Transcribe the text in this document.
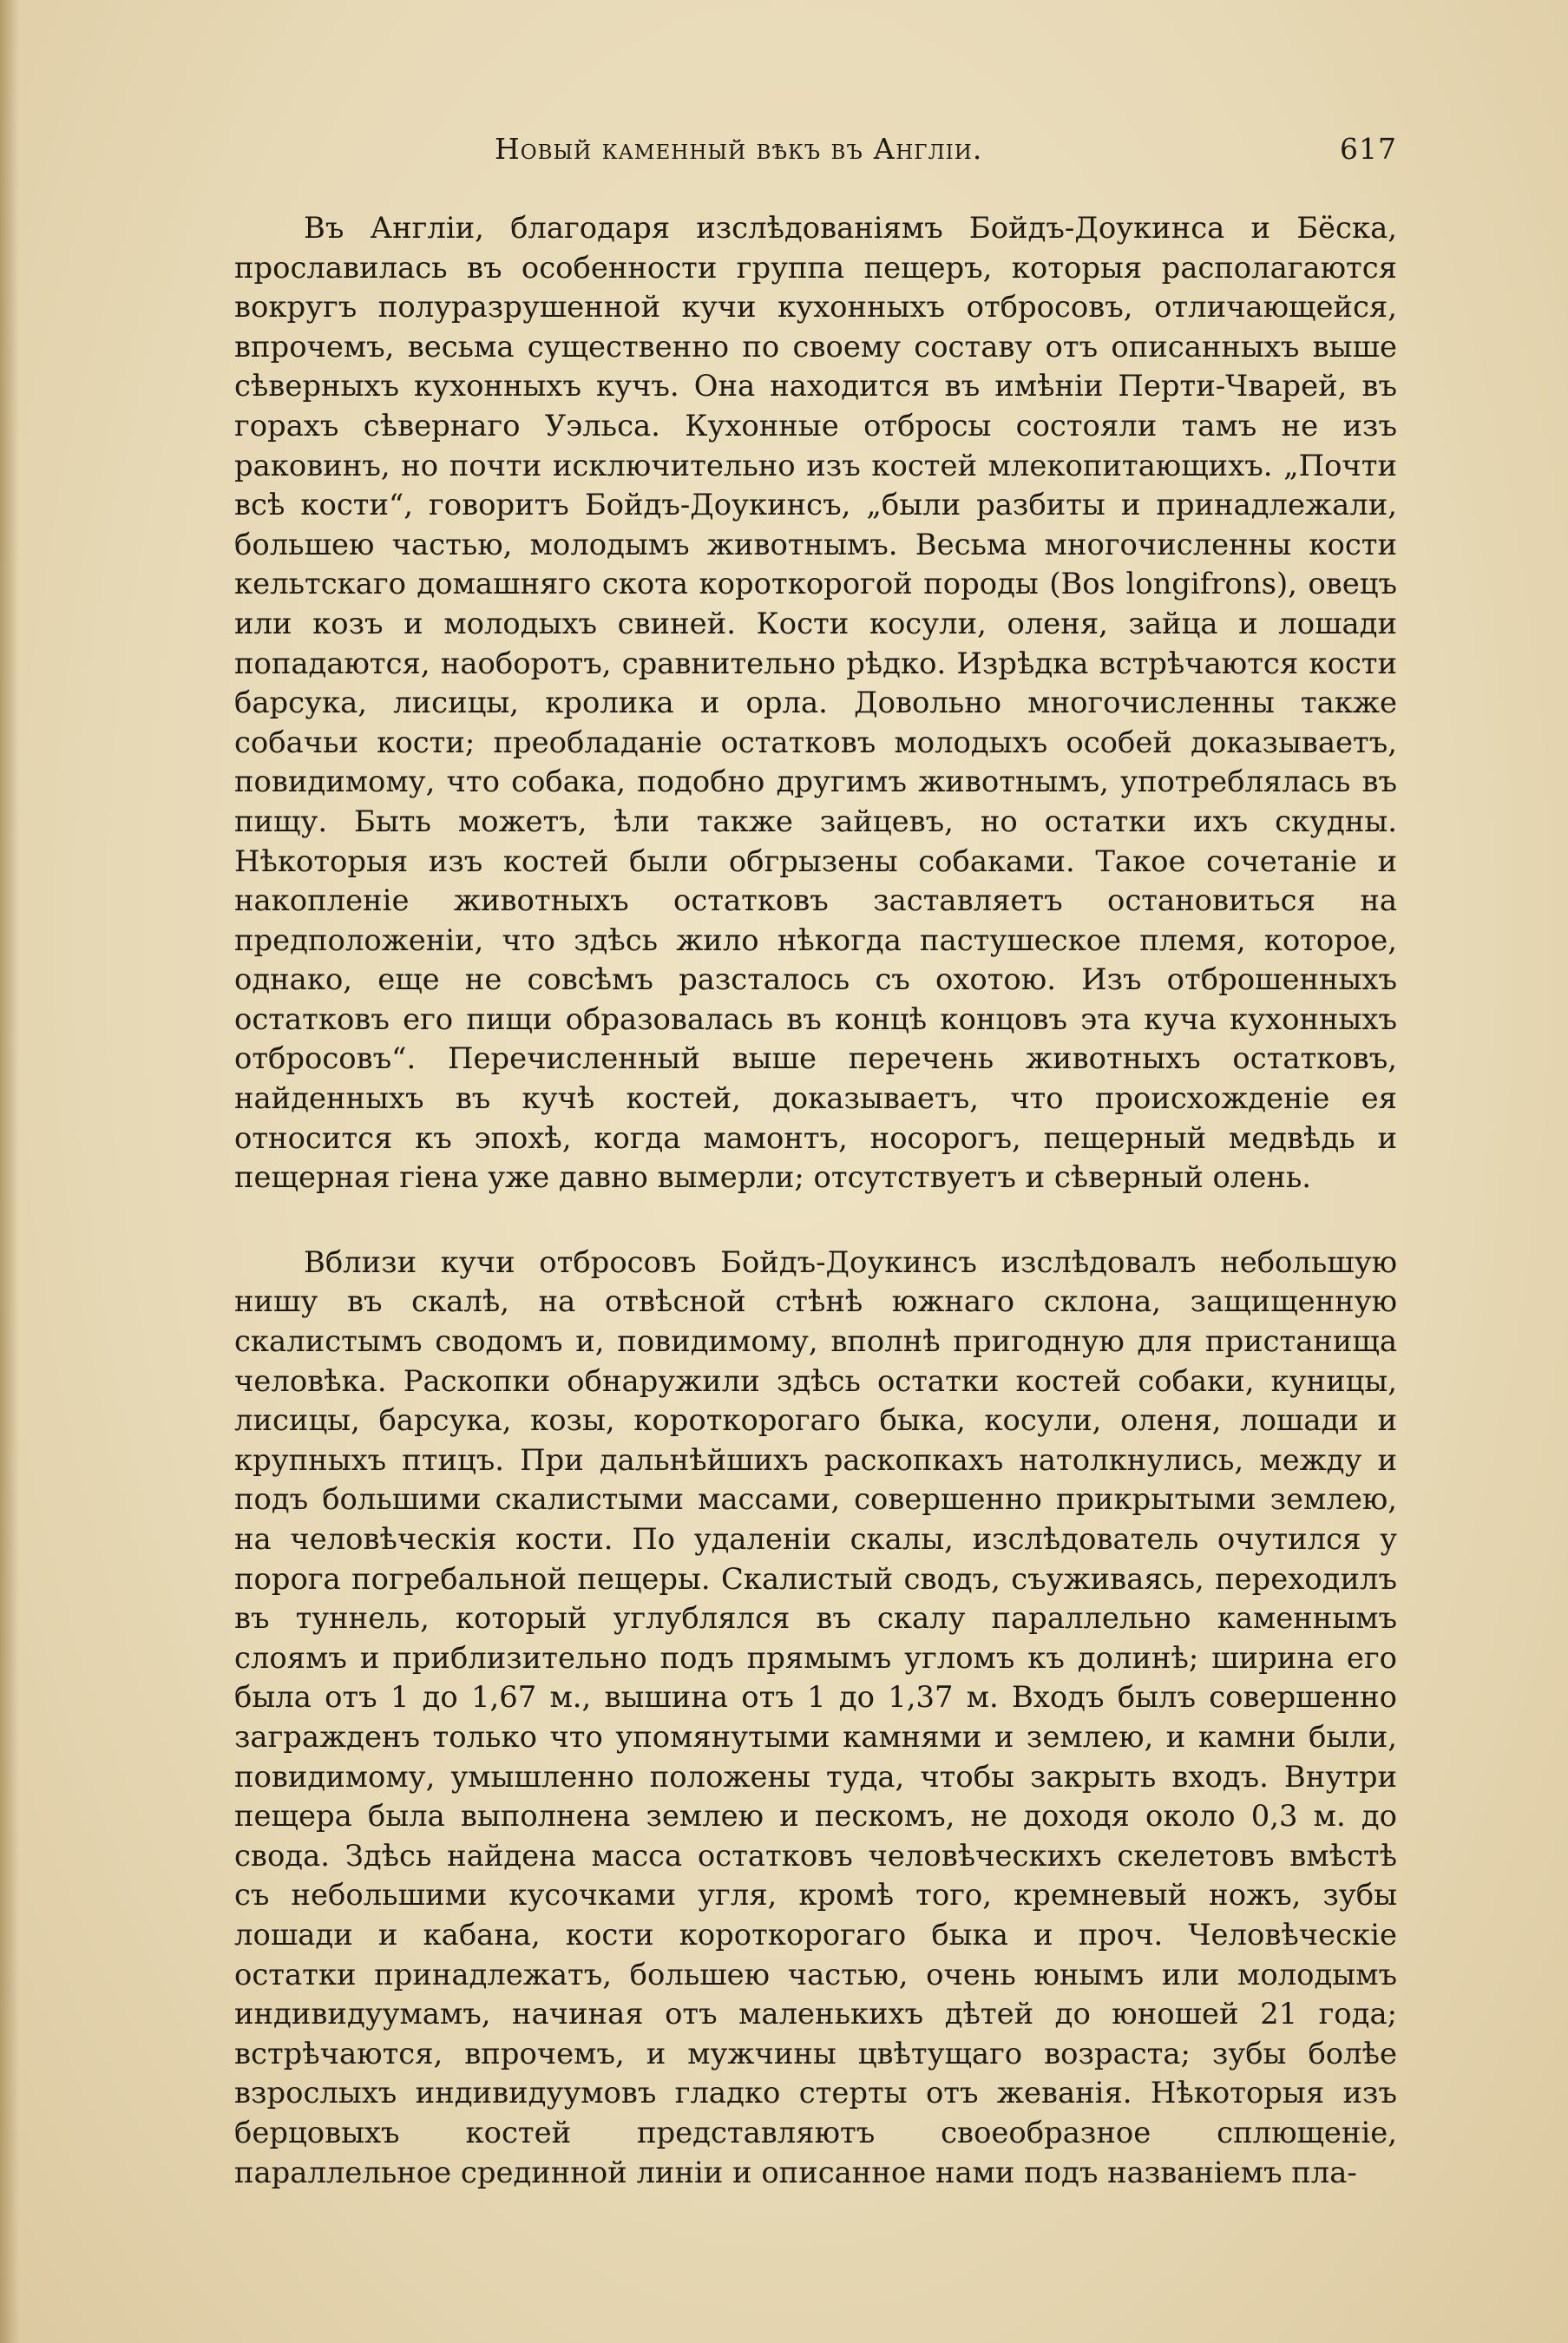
Новый каменный вѣкъ въ Англіи.	617

Въ Англіи, благодаря изслѣдованіямъ Бойдъ-Доукинса и Бёска, прославилась въ особенности группа пещеръ, которыя располагаются вокругъ полуразрушенной кучи кухонныхъ отбросовъ, отличающейся, впрочемъ, весьма существенно по своему составу отъ описанныхъ выше сѣверныхъ кухонныхъ кучъ. Она находится въ имѣніи Перти-Чварей, въ горахъ сѣвернаго Уэльса. Кухонные отбросы состояли тамъ не изъ раковинъ, но почти исключительно изъ костей млекопитающихъ. „Почти всѣ кости“, говоритъ Бойдъ-Доукинсъ, „были разбиты и принадлежали, большею частью, молодымъ животнымъ. Весьма многочисленны кости кельтскаго домашняго скота короткорогой породы (Bos longifrons), овецъ или козъ и молодыхъ свиней. Кости косули, оленя, зайца и лошади попадаются, наоборотъ, сравнительно рѣдко. Изрѣдка встрѣчаются кости барсука, лисицы, кролика и орла. Довольно многочисленны также собачьи кости; преобладаніе остатковъ молодыхъ особей доказываетъ, повидимому, что собака, подобно другимъ животнымъ, употреблялась въ пищу. Быть можетъ, ѣли также зайцевъ, но остатки ихъ скудны. Нѣкоторыя изъ костей были обгрызены собаками. Такое сочетаніе и накопленіе животныхъ остатковъ заставляетъ остановиться на предположеніи, что здѣсь жило нѣкогда пастушеское племя, которое, однако, еще не совсѣмъ разсталось съ охотою. Изъ отброшенныхъ остатковъ его пищи образовалась въ концѣ концовъ эта куча кухонныхъ отбросовъ“. Перечисленный выше перечень животныхъ остатковъ, найденныхъ въ кучѣ костей, доказываетъ, что происхожденіе ея относится къ эпохѣ, когда мамонтъ, носорогъ, пещерный медвѣдь и пещерная гіена уже давно вымерли; отсутствуетъ и сѣверный олень.

Вблизи кучи отбросовъ Бойдъ-Доукинсъ изслѣдовалъ небольшую нишу въ скалѣ, на отвѣсной стѣнѣ южнаго склона, защищенную скалистымъ сводомъ и, повидимому, вполнѣ пригодную для пристанища человѣка. Раскопки обнаружили здѣсь остатки костей собаки, куницы, лисицы, барсука, козы, короткорогаго быка, косули, оленя, лошади и крупныхъ птицъ. При дальнѣйшихъ раскопкахъ натолкнулись, между и подъ большими скалистыми массами, совершенно прикрытыми землею, на человѣческія кости. По удаленіи скалы, изслѣдователь очутился у порога погребальной пещеры. Скалистый сводъ, съуживаясь, переходилъ въ туннель, который углублялся въ скалу параллельно каменнымъ слоямъ и приблизительно подъ прямымъ угломъ къ долинѣ; ширина его была отъ 1 до 1,67 м., вышина отъ 1 до 1,37 м. Входъ былъ совершенно загражденъ только что упомянутыми камнями и землею, и камни были, повидимому, умышленно положены туда, чтобы закрыть входъ. Внутри пещера была выполнена землею и пескомъ, не доходя около 0,3 м. до свода. Здѣсь найдена масса остатковъ человѣческихъ скелетовъ вмѣстѣ съ небольшими кусочками угля, кромѣ того, кремневый ножъ, зубы лошади и кабана, кости короткорогаго быка и проч. Человѣческіе остатки принадлежатъ, большею частью, очень юнымъ или молодымъ индивидуумамъ, начиная отъ маленькихъ дѣтей до юношей 21 года; встрѣчаются, впрочемъ, и мужчины цвѣтущаго возраста; зубы болѣе взрослыхъ индивидуумовъ гладко стерты отъ жеванія. Нѣкоторыя изъ берцовыхъ костей представляютъ своеобразное сплющеніе, параллельное срединной линіи и описанное нами подъ названіемъ пла-
